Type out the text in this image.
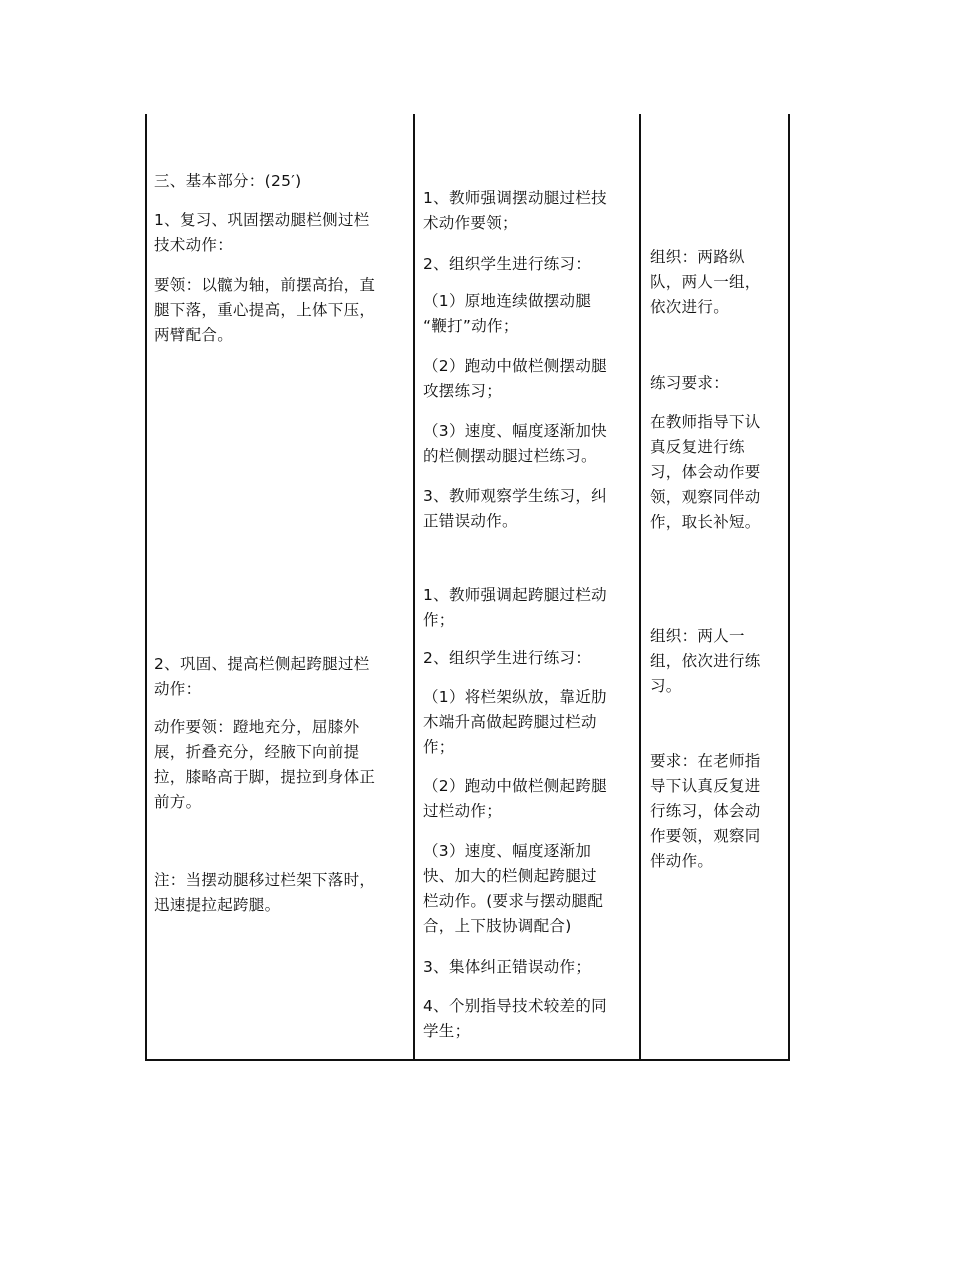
三、基本部分：(25′)
1、复习、巩固摆动腿栏侧过栏
技术动作：
要领：以髋为轴，前摆高抬，直
腿下落，重心提高，上体下压，
两臂配合。
2、巩固、提高栏侧起跨腿过栏
动作：
动作要领：蹬地充分，屈膝外
展，折叠充分，经腋下向前提
拉，膝略高于脚，提拉到身体正
前方。
注：当摆动腿移过栏架下落时，
迅速提拉起跨腿。
1、教师强调摆动腿过栏技
术动作要领；
2、组织学生进行练习：
（1）原地连续做摆动腿
“鞭打”动作；
（2）跑动中做栏侧摆动腿
攻摆练习；
（3）速度、幅度逐渐加快
的栏侧摆动腿过栏练习。
3、教师观察学生练习，纠
正错误动作。
1、教师强调起跨腿过栏动
作；
2、组织学生进行练习：
（1）将栏架纵放，靠近肋
木端升高做起跨腿过栏动
作；
（2）跑动中做栏侧起跨腿
过栏动作；
（3）速度、幅度逐渐加
快、加大的栏侧起跨腿过
栏动作。(要求与摆动腿配
合，上下肢协调配合)
3、集体纠正错误动作；
4、个别指导技术较差的同
学生；
组织：两路纵
队，两人一组，
依次进行。
练习要求：
在教师指导下认
真反复进行练
习，体会动作要
领，观察同伴动
作，取长补短。
组织：两人一
组，依次进行练
习。
要求：在老师指
导下认真反复进
行练习，体会动
作要领，观察同
伴动作。
